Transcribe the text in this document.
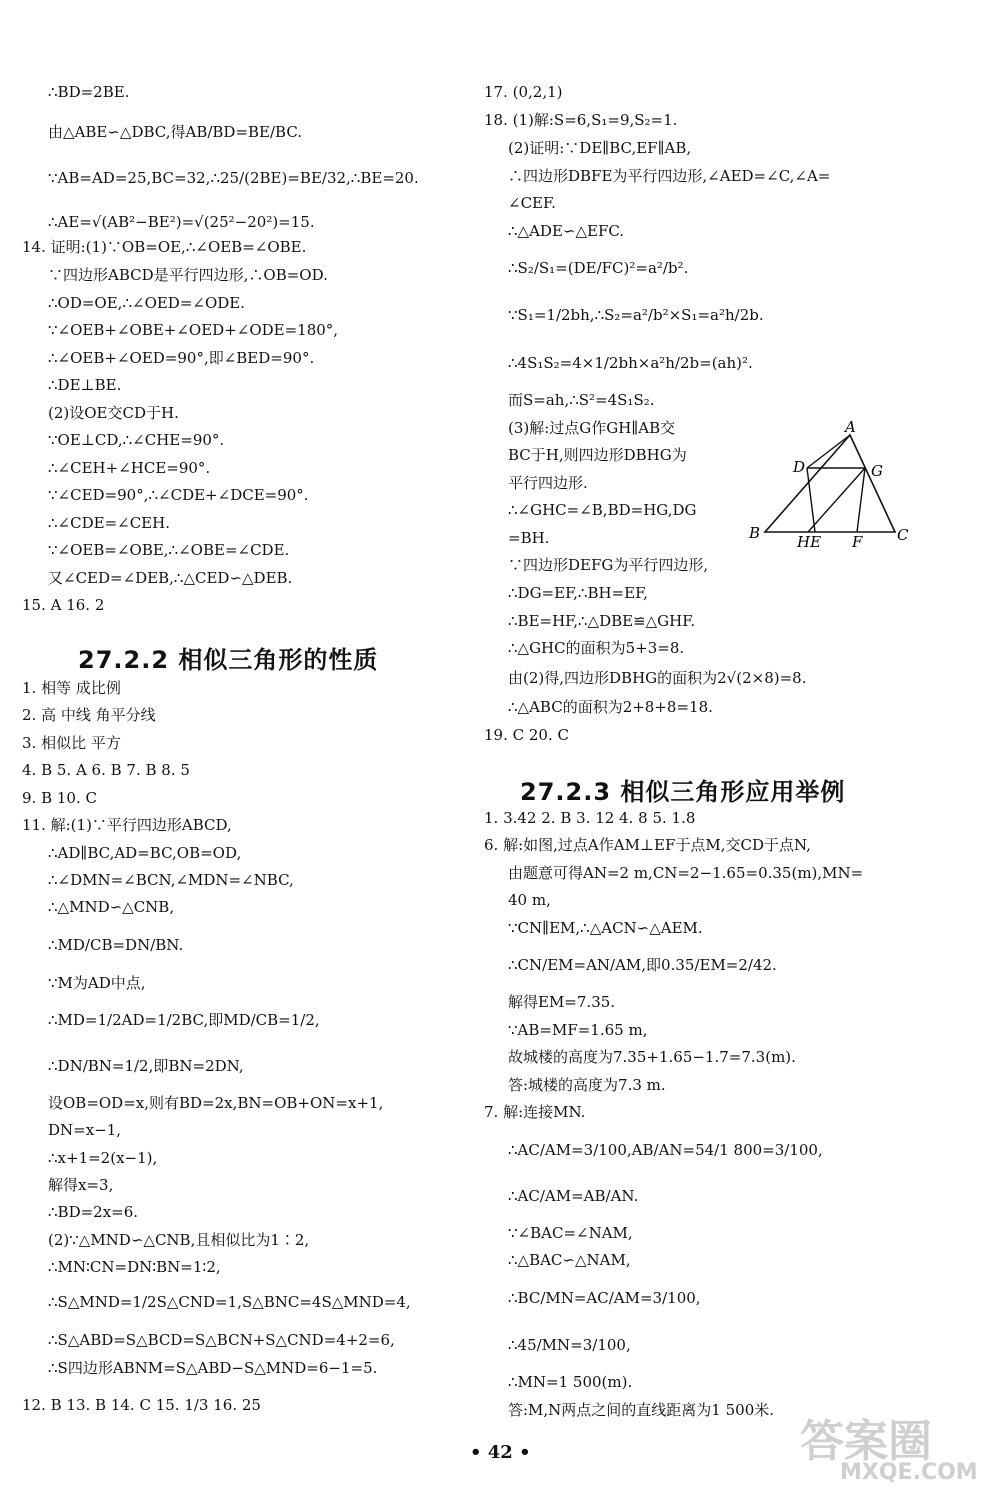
∴BD=2BE.
由△ABE∽△DBC,得AB/BD=BE/BC.
∵AB=AD=25,BC=32,∴25/(2BE)=BE/32,∴BE=20.
∴AE=√(AB²−BE²)=√(25²−20²)=15.
14. 证明:(1)∵OB=OE,∴∠OEB=∠OBE.
∵四边形ABCD是平行四边形,∴OB=OD.
∴OD=OE,∴∠OED=∠ODE.
∵∠OEB+∠OBE+∠OED+∠ODE=180°,
∴∠OEB+∠OED=90°,即∠BED=90°.
∴DE⊥BE.
(2)设OE交CD于H.
∵OE⊥CD,∴∠CHE=90°.
∴∠CEH+∠HCE=90°.
∵∠CED=90°,∴∠CDE+∠DCE=90°.
∴∠CDE=∠CEH.
∵∠OEB=∠OBE,∴∠OBE=∠CDE.
又∠CED=∠DEB,∴△CED∽△DEB.
15. A 16. 2
1. 相等 成比例
2. 高 中线 角平分线
3. 相似比 平方
4. B 5. A 6. B 7. B 8. 5
9. B 10. C
11. 解:(1)∵平行四边形ABCD,
∴AD∥BC,AD=BC,OB=OD,
∴∠DMN=∠BCN,∠MDN=∠NBC,
∴△MND∽△CNB,
∴MD/CB=DN/BN.
∵M为AD中点,
∴MD=1/2AD=1/2BC,即MD/CB=1/2,
∴DN/BN=1/2,即BN=2DN,
设OB=OD=x,则有BD=2x,BN=OB+ON=x+1,
DN=x−1,
∴x+1=2(x−1),
解得x=3,
∴BD=2x=6.
(2)∵△MND∽△CNB,且相似比为1∶2,
∴MN∶CN=DN∶BN=1∶2,
∴S△MND=1/2S△CND=1,S△BNC=4S△MND=4,
∴S△ABD=S△BCD=S△BCN+S△CND=4+2=6,
∴S四边形ABNM=S△ABD−S△MND=6−1=5.
12. B 13. B 14. C 15. 1/3 16. 25
17. (0,2,1)
18. (1)解:S=6,S₁=9,S₂=1.
(2)证明:∵DE∥BC,EF∥AB,
∴四边形DBFE为平行四边形,∠AED=∠C,∠A=
∠CEF.
∴△ADE∽△EFC.
∴S₂/S₁=(DE/FC)²=a²/b².
∵S₁=1/2bh,∴S₂=a²/b²×S₁=a²h/2b.
∴4S₁S₂=4×1/2bh×a²h/2b=(ah)².
而S=ah,∴S²=4S₁S₂.
(3)解:过点G作GH∥AB交
BC于H,则四边形DBHG为
平行四边形.
∴∠GHC=∠B,BD=HG,DG
=BH.
∵四边形DEFG为平行四边形,
∴DG=EF,∴BH=EF,
∴BE=HF,∴△DBE≌△GHF.
∴△GHC的面积为5+3=8.
由(2)得,四边形DBHG的面积为2√(2×8)=8.
∴△ABC的面积为2+8+8=18.
19. C 20. C
1. 3.42 2. B 3. 12 4. 8 5. 1.8
6. 解:如图,过点A作AM⊥EF于点M,交CD于点N,
由题意可得AN=2 m,CN=2−1.65=0.35(m),MN=
40 m,
∵CN∥EM,∴△ACN∽△AEM.
∴CN/EM=AN/AM,即0.35/EM=2/42.
解得EM=7.35.
∵AB=MF=1.65 m,
故城楼的高度为7.35+1.65−1.7=7.3(m).
答:城楼的高度为7.3 m.
7. 解:连接MN.
∴AC/AM=3/100,AB/AN=54/1 800=3/100,
∴AC/AM=AB/AN.
∵∠BAC=∠NAM,
∴△BAC∽△NAM,
∴BC/MN=AC/AM=3/100,
∴45/MN=3/100,
∴MN=1 500(m).
答:M,N两点之间的直线距离为1 500米.
27.2.2 相似三角形的性质
27.2.3 相似三角形应用举例
A
B	C
D	G
HE F
• 42 •	答案圈
MXQE.COM
